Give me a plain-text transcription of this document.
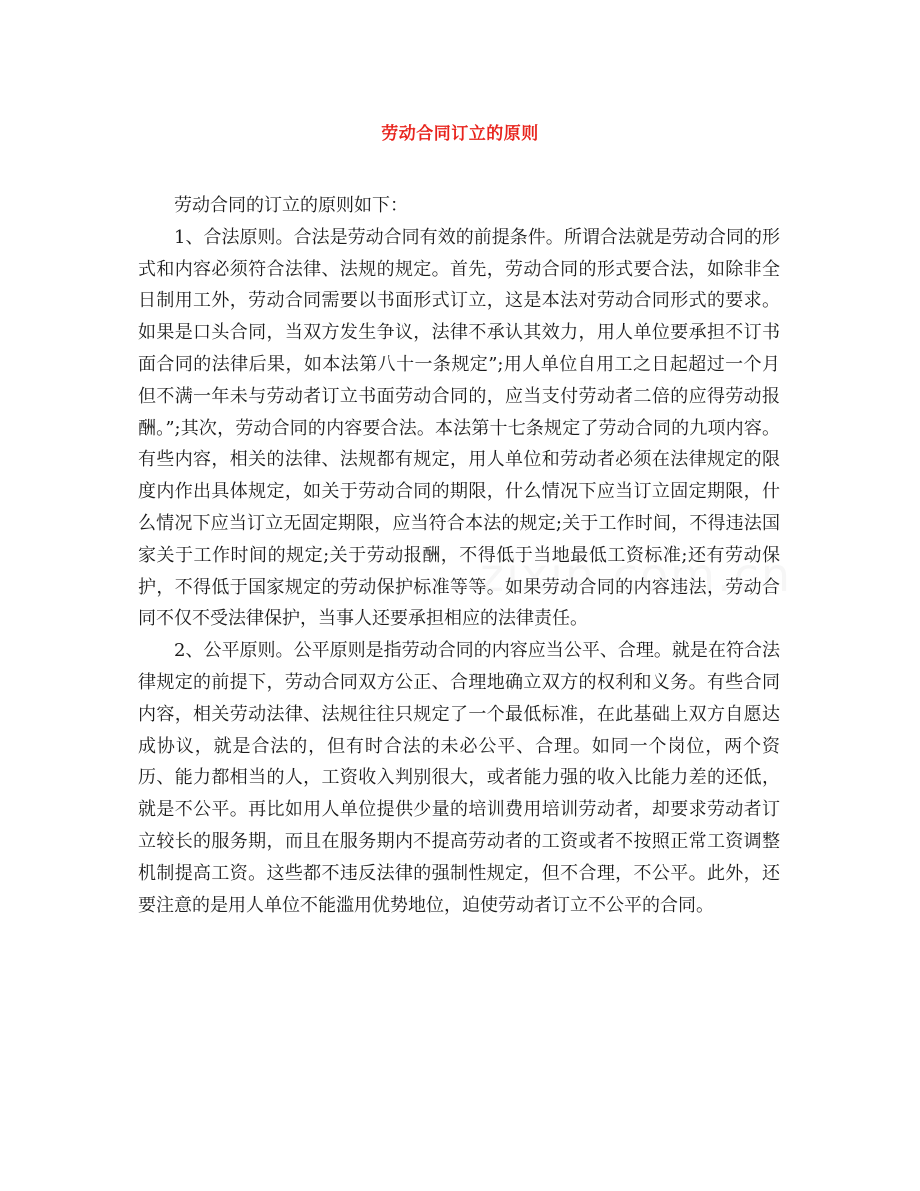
劳动合同订立的原则

劳动合同的订立的原则如下：

1、合法原则。合法是劳动合同有效的前提条件。所谓合法就是劳动合同的形式和内容必须符合法律、法规的规定。首先，劳动合同的形式要合法，如除非全日制用工外，劳动合同需要以书面形式订立，这是本法对劳动合同形式的要求。如果是口头合同，当双方发生争议，法律不承认其效力，用人单位要承担不订书面合同的法律后果，如本法第八十一条规定”;用人单位自用工之日起超过一个月但不满一年未与劳动者订立书面劳动合同的，应当支付劳动者二倍的应得劳动报酬。”;其次，劳动合同的内容要合法。本法第十七条规定了劳动合同的九项内容。有些内容，相关的法律、法规都有规定，用人单位和劳动者必须在法律规定的限度内作出具体规定，如关于劳动合同的期限，什么情况下应当订立固定期限，什么情况下应当订立无固定期限，应当符合本法的规定;关于工作时间，不得违法国家关于工作时间的规定;关于劳动报酬，不得低于当地最低工资标准;还有劳动保护，不得低于国家规定的劳动保护标准等等。如果劳动合同的内容违法，劳动合同不仅不受法律保护，当事人还要承担相应的法律责任。

2、公平原则。公平原则是指劳动合同的内容应当公平、合理。就是在符合法律规定的前提下，劳动合同双方公正、合理地确立双方的权利和义务。有些合同内容，相关劳动法律、法规往往只规定了一个最低标准，在此基础上双方自愿达成协议，就是合法的，但有时合法的未必公平、合理。如同一个岗位，两个资历、能力都相当的人，工资收入判别很大，或者能力强的收入比能力差的还低，就是不公平。再比如用人单位提供少量的培训费用培训劳动者，却要求劳动者订立较长的服务期，而且在服务期内不提高劳动者的工资或者不按照正常工资调整机制提高工资。这些都不违反法律的强制性规定，但不合理，不公平。此外，还要注意的是用人单位不能滥用优势地位，迫使劳动者订立不公平的合同。
